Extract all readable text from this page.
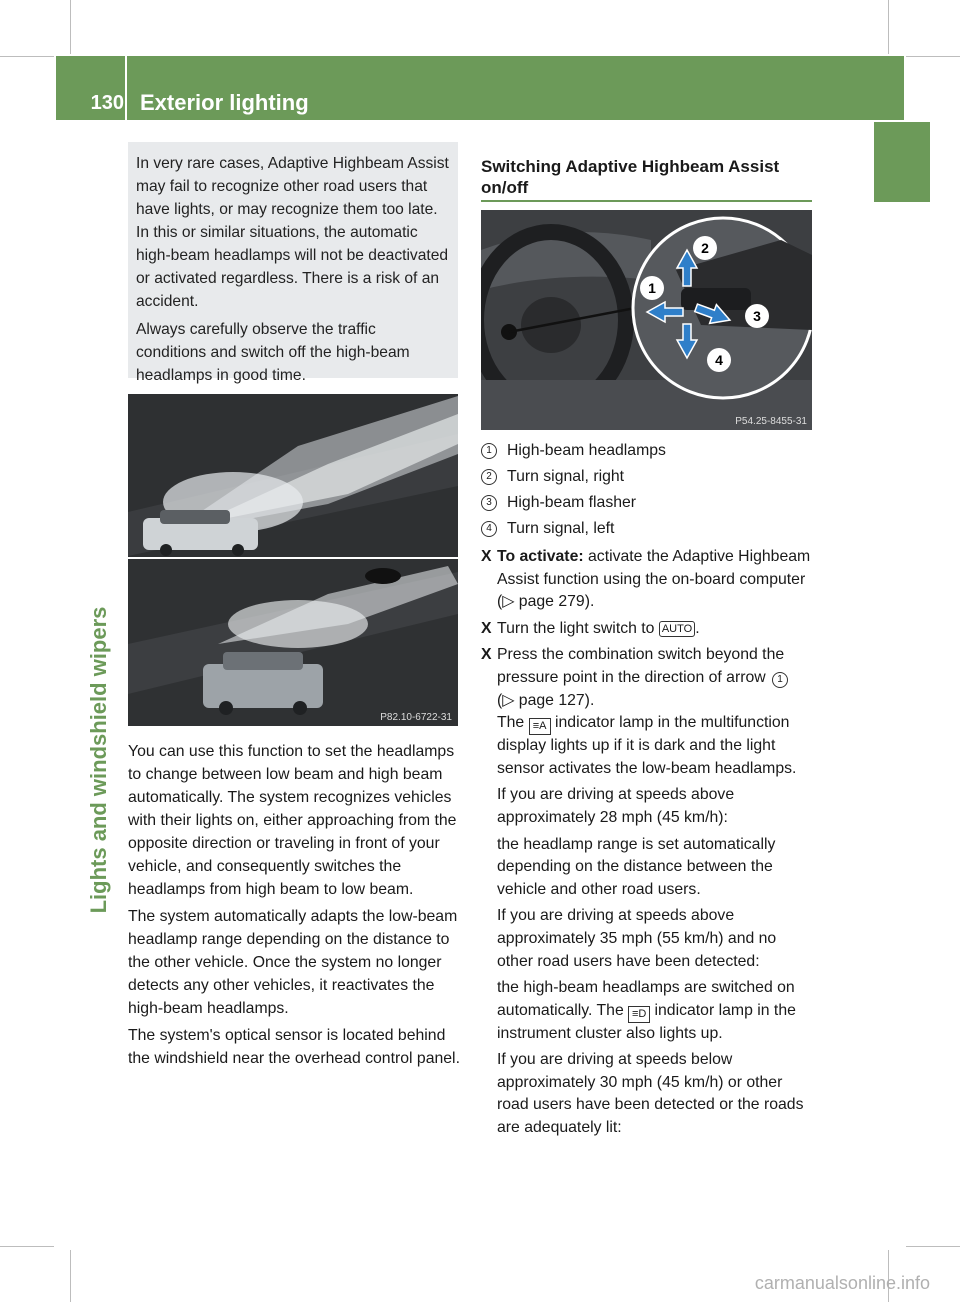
130 Exterior lighting
Lights and windshield wipers

In very rare cases, Adaptive Highbeam Assist may fail to recognize other road users that have lights, or may recognize them too late. In this or similar situations, the automatic high-beam headlamps will not be deactivated or activated regardless. There is a risk of an accident.

Always carefully observe the traffic conditions and switch off the high-beam headlamps in good time.

P82.10-6722-31

You can use this function to set the headlamps to change between low beam and high beam automatically. The system recognizes vehicles with their lights on, either approaching from the opposite direction or traveling in front of your vehicle, and consequently switches the headlamps from high beam to low beam.

The system automatically adapts the low-beam headlamp range depending on the distance to the other vehicle. Once the system no longer detects any other vehicles, it reactivates the high-beam headlamps.

The system's optical sensor is located behind the windshield near the overhead control panel.

Switching Adaptive Highbeam Assist on/off
1
2
3
4
P54.25-8455-31
1 High-beam headlamps
2 Turn signal, right
3 High-beam flasher
4 Turn signal, left
X To activate: activate the Adaptive Highbeam Assist function using the on-board computer (▷ page 279).

X Turn the light switch to AUTO .

X Press the combination switch beyond the pressure point in the direction of arrow 1
(▷ page 127).
The ≡A indicator lamp in the multifunction display lights up if it is dark and the light sensor activates the low-beam headlamps.

If you are driving at speeds above approximately 28 mph (45 km/h):

the headlamp range is set automatically depending on the distance between the vehicle and other road users.

If you are driving at speeds above approximately 35 mph (55 km/h) and no other road users have been detected:

the high-beam headlamps are switched on automatically. The ≡D indicator lamp in the instrument cluster also lights up.

If you are driving at speeds below approximately 30 mph (45 km/h) or other road users have been detected or the roads are adequately lit:

carmanualsonline.info
